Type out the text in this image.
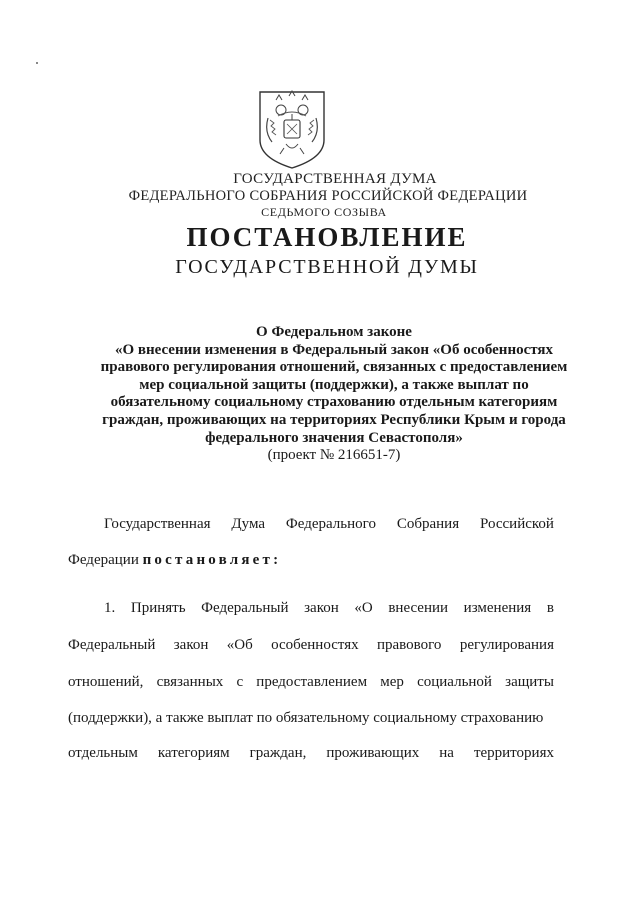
ГОСУДАРСТВЕННАЯ ДУМА
ФЕДЕРАЛЬНОГО СОБРАНИЯ РОССИЙСКОЙ ФЕДЕРАЦИИ
СЕДЬМОГО СОЗЫВА
ПОСТАНОВЛЕНИЕ
ГОСУДАРСТВЕННОЙ ДУМЫ
О Федеральном законе
«О внесении изменения в Федеральный закон «Об особенностях
правового регулирования отношений, связанных с предоставлением
мер социальной защиты (поддержки), а также выплат по
обязательному социальному страхованию отдельным категориям
граждан, проживающих на территориях Республики Крым и города
федерального значения Севастополя»
(проект № 216651-7)
Государственная Дума Федерального Собрания Российской
Федерации постановляет:
1. Принять Федеральный закон «О внесении изменения в
Федеральный закон «Об особенностях правового регулирования
отношений, связанных с предоставлением мер социальной защиты
(поддержки), а также выплат по обязательному социальному страхованию
отдельным категориям граждан, проживающих на территориях
